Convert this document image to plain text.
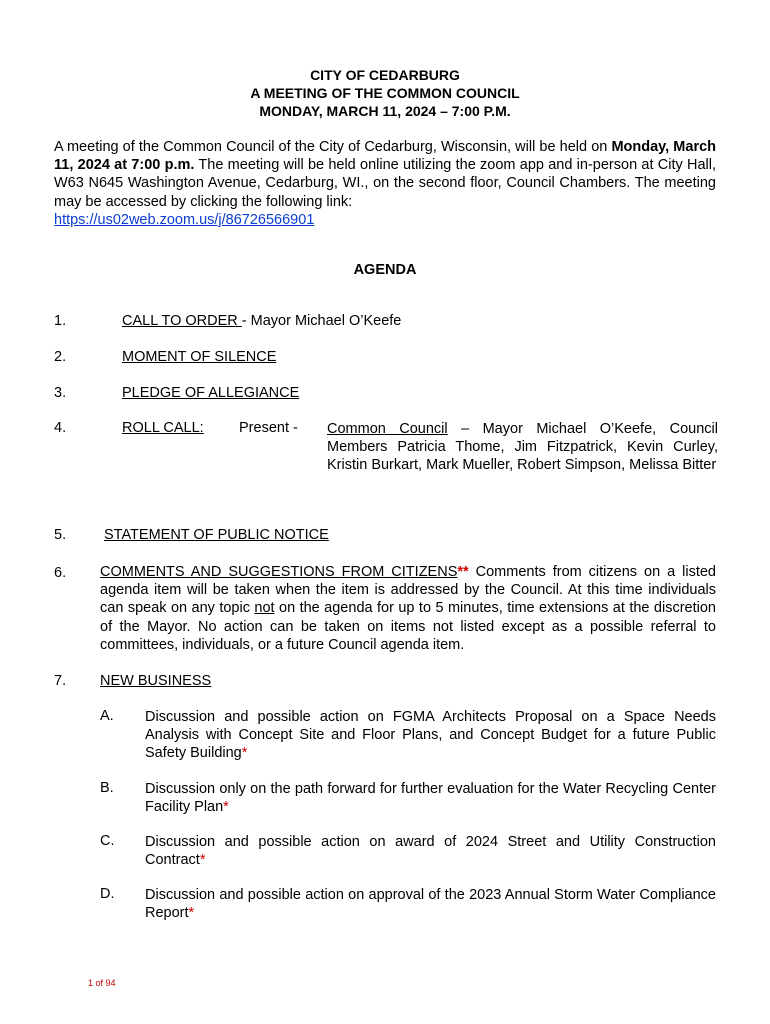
CITY OF CEDARBURG
A MEETING OF THE COMMON COUNCIL
MONDAY, MARCH 11, 2024 – 7:00 P.M.
A meeting of the Common Council of the City of Cedarburg, Wisconsin, will be held on Monday, March 11, 2024 at 7:00 p.m. The meeting will be held online utilizing the zoom app and in-person at City Hall, W63 N645 Washington Avenue, Cedarburg, WI., on the second floor, Council Chambers. The meeting may be accessed by clicking the following link:
https://us02web.zoom.us/j/86726566901
AGENDA
1.	CALL TO ORDER - Mayor Michael O’Keefe
2.	MOMENT OF SILENCE
3.	PLEDGE OF ALLEGIANCE
4.	ROLL CALL: Present - Common Council – Mayor Michael O’Keefe, Council Members Patricia Thome, Jim Fitzpatrick, Kevin Curley, Kristin Burkart, Mark Mueller, Robert Simpson, Melissa Bitter
5.	STATEMENT OF PUBLIC NOTICE
6. COMMENTS AND SUGGESTIONS FROM CITIZENS** Comments from citizens on a listed agenda item will be taken when the item is addressed by the Council. At this time individuals can speak on any topic not on the agenda for up to 5 minutes, time extensions at the discretion of the Mayor. No action can be taken on items not listed except as a possible referral to committees, individuals, or a future Council agenda item.
7. NEW BUSINESS
A. Discussion and possible action on FGMA Architects Proposal on a Space Needs Analysis with Concept Site and Floor Plans, and Concept Budget for a future Public Safety Building*
B. Discussion only on the path forward for further evaluation for the Water Recycling Center Facility Plan*
C. Discussion and possible action on award of 2024 Street and Utility Construction Contract*
D. Discussion and possible action on approval of the 2023 Annual Storm Water Compliance Report*
1 of 94
